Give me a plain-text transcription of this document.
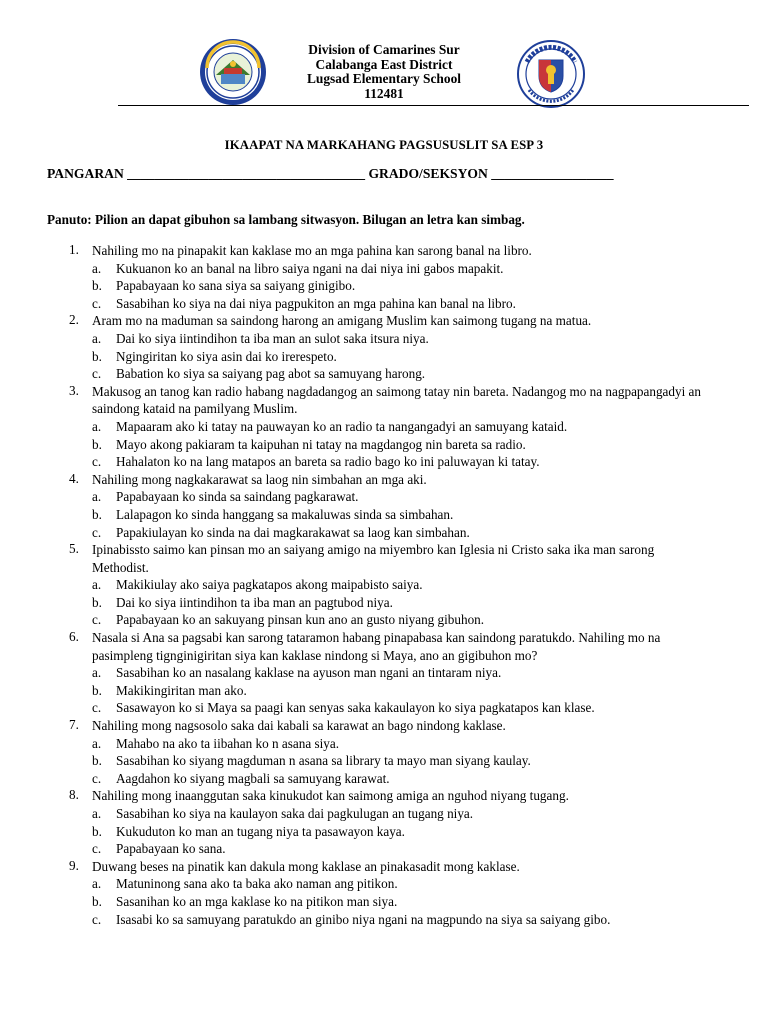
Division of Camarines Sur
Calabanga East District
Lugsad Elementary School
112481
IKAAPAT NA MARKAHANG PAGSUSUSLIT SA ESP 3
PANGARAN ___________________________________ GRADO/SEKSYON __________________
Panuto: Pilion an dapat gibuhon sa lambang sitwasyon. Bilugan an letra kan simbag.
1. Nahiling mo na pinapakit kan kaklase mo an mga pahina kan sarong banal na libro.
a. Kukuanon ko an banal na libro saiya ngani na dai niya ini gabos mapakit.
b. Papabayaan ko sana siya sa saiyang ginigibo.
c. Sasabihan ko siya na dai niya pagpukiton an mga pahina kan banal na libro.
2. Aram mo na maduman sa saindong harong an amigang Muslim kan saimong tugang na matua.
a. Dai ko siya iintindihon ta iba man an sulot saka itsura niya.
b. Ngingiritan ko siya asin dai ko irerespeto.
c. Babation ko siya sa saiyang pag abot sa samuyang harong.
3. Makusog an tanog kan radio habang nagdadangog an saimong tatay nin bareta. Nadangog mo na nagpapangadyi an saindong kataid na pamilyang Muslim.
a. Mapaaram ako ki tatay na pauwayan ko an radio ta nangangadyi an samuyang kataid.
b. Mayo akong pakiaram ta kaipuhan ni tatay na magdangog nin bareta sa radio.
c. Hahalaton ko na lang matapos an bareta sa radio bago ko ini paluwayan ki tatay.
4. Nahiling mong nagkakarawat sa laog nin simbahan an mga aki.
a. Papabayaan ko sinda sa saindang pagkarawat.
b. Lalapagon ko sinda hanggang sa makaluwas sinda sa simbahan.
c. Papakiulayan ko sinda na dai magkarakawat sa laog kan simbahan.
5. Ipinabissto saimo kan pinsan mo an saiyang amigo na miyembro kan Iglesia ni Cristo saka ika man sarong Methodist.
a. Makikiulay ako saiya pagkatapos akong maipabisto saiya.
b. Dai ko siya iintindihon ta iba man an pagtubod niya.
c. Papabayaan ko an sakuyang pinsan kun ano an gusto niyang gibuhon.
6. Nasala si Ana sa pagsabi kan sarong tataramon habang pinapabasa kan saindong paratukdo. Nahiling mo na pasimpleng tignginigiritan siya kan kaklase nindong si Maya, ano an gigibuhon mo?
a. Sasabihan ko an nasalang kaklase na ayuson man ngani an tintaram niya.
b. Makikingiritan man ako.
c. Sasawayon ko si Maya sa paagi kan senyas saka kakaulayon ko siya pagkatapos kan klase.
7. Nahiling mong nagsosolo saka dai kabali sa karawat an bago nindong kaklase.
a. Mahabo na ako ta iibahan ko n asana siya.
b. Sasabihan ko siyang magduman n asana sa library ta mayo man siyang kaulay.
c. Aagdahon ko siyang magbali sa samuyang karawat.
8. Nahiling mong inaanggutan saka kinukudot kan saimong amiga an nguhod niyang tugang.
a. Sasabihan ko siya na kaulayon saka dai pagkulugan an tugang niya.
b. Kukuduton ko man an tugang niya ta pasawayon kaya.
c. Papabayaan ko sana.
9. Duwang beses na pinatik kan dakula mong kaklase an pinakasadit mong kaklase.
a. Matuninong sana ako ta baka ako naman ang pitikon.
b. Sasanihan ko an mga kaklase ko na pitikon man siya.
c. Isasabi ko sa samuyang paratukdo an ginibo niya ngani na magpundo na siya sa saiyang gibo.
